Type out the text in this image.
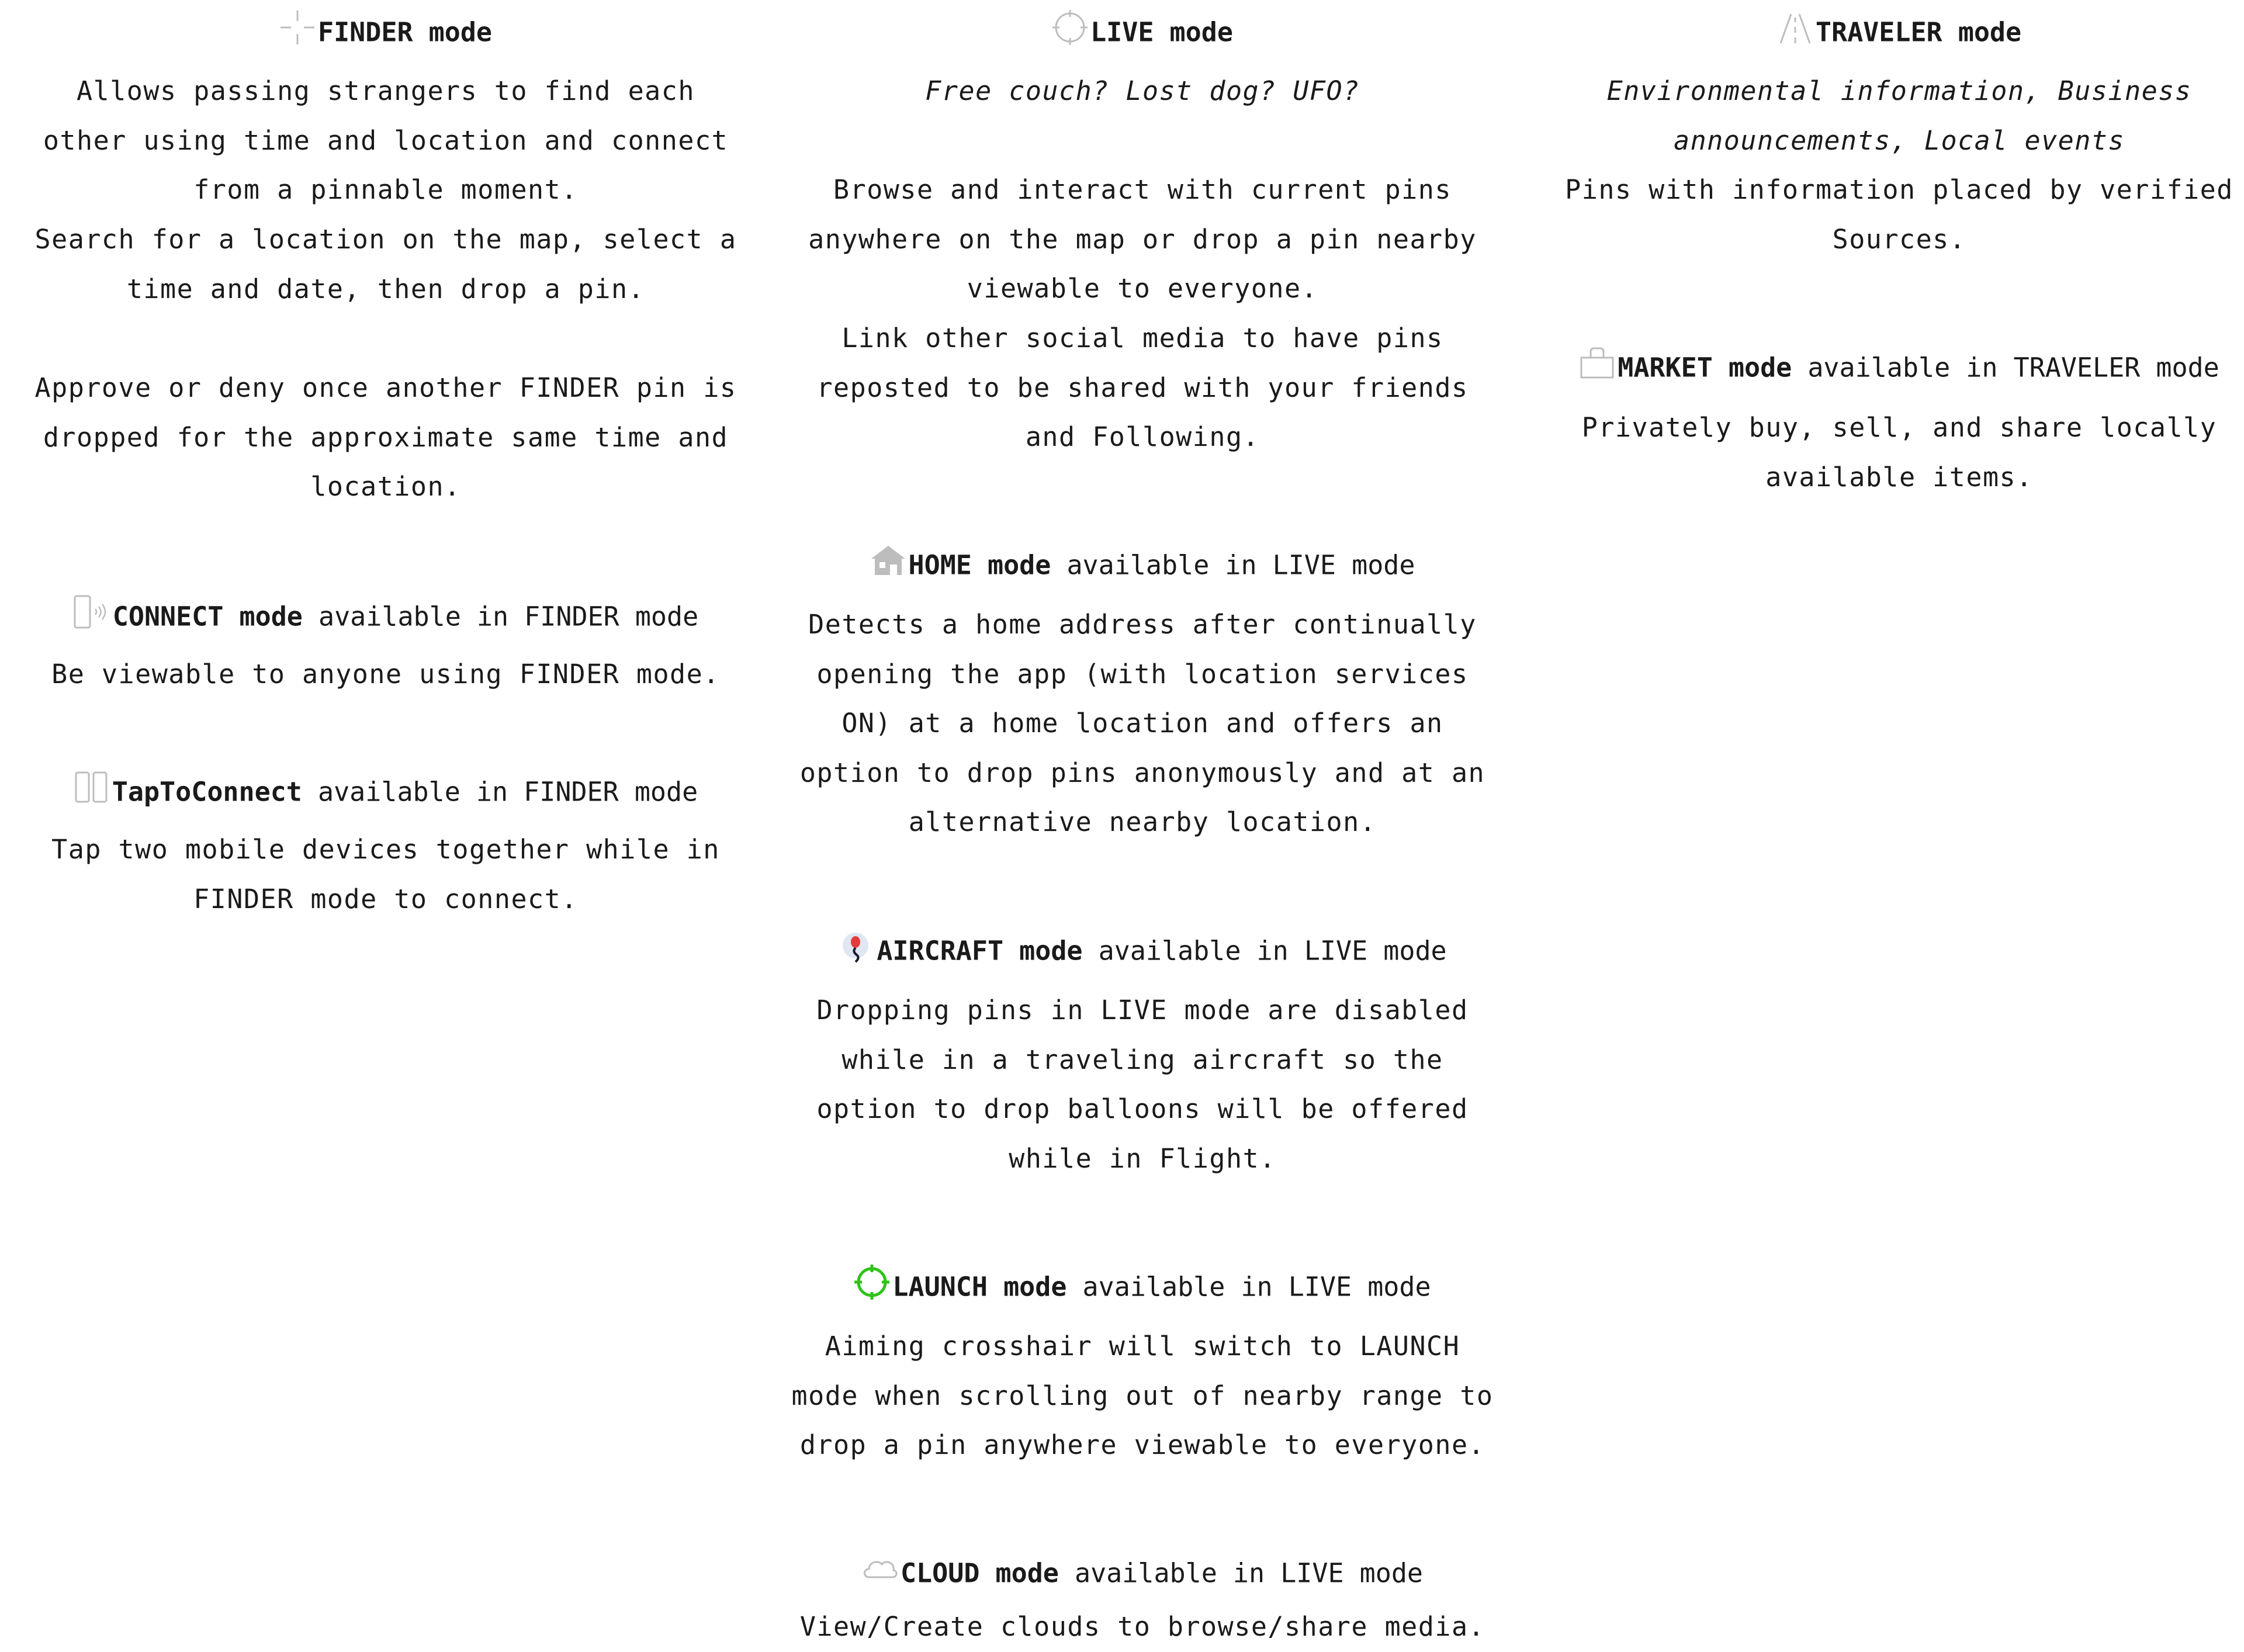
FINDER mode

Allows passing strangers to find each other using time and location and connect from a pinnable moment.

Search for a location on the map, select a time and date, then drop a pin.

Approve or deny once another FINDER pin is dropped for the approximate same time and location.

CONNECT mode available in FINDER mode

Be viewable to anyone using FINDER mode.

TapToConnect available in FINDER mode

Tap two mobile devices together while in FINDER mode to connect.

LIVE mode

Free couch? Lost dog? UFO?

Browse and interact with current pins anywhere on the map or drop a pin nearby viewable to everyone.

Link other social media to have pins reposted to be shared with your friends and Following.

HOME mode available in LIVE mode

Detects a home address after continually opening the app (with location services ON) at a home location and offers an option to drop pins anonymously and at an alternative nearby location.

AIRCRAFT mode available in LIVE mode

Dropping pins in LIVE mode are disabled while in a traveling aircraft so the option to drop balloons will be offered while in Flight.

LAUNCH mode available in LIVE mode

Aiming crosshair will switch to LAUNCH mode when scrolling out of nearby range to drop a pin anywhere viewable to everyone.

CLOUD mode available in LIVE mode

View/Create clouds to browse/share media.

TRAVELER mode

Environmental information, Business announcements, Local events

Pins with information placed by verified Sources.

MARKET mode available in TRAVELER mode

Privately buy, sell, and share locally available items.
